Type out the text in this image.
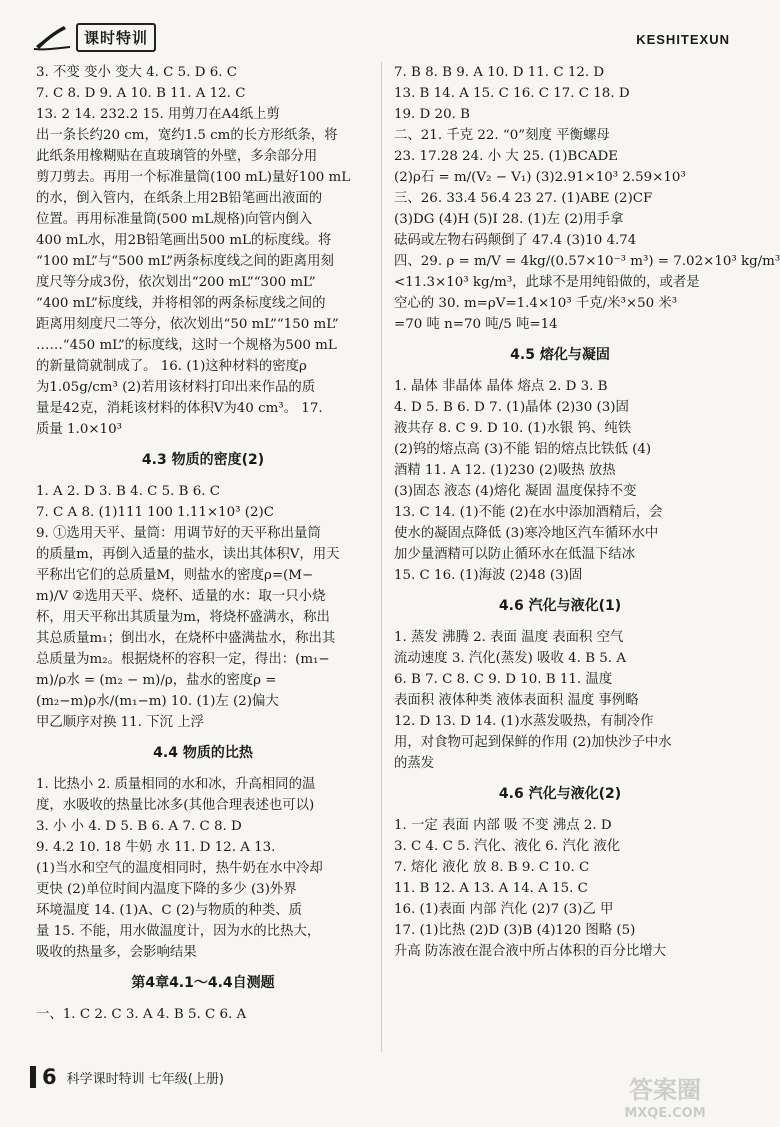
课时特训	KESHITEXUN
3. 不变 变小 变大 4. C 5. D 6. C
7. C 8. D 9. A 10. B 11. A 12. C
13. 2 14. 232.2 15. 用剪刀在A4纸上剪
出一条长约20 cm，宽约1.5 cm的长方形纸条，将
此纸条用橡糊贴在直玻璃管的外壁，多余部分用
剪刀剪去。再用一个标准量筒(100 mL)量好100 mL
的水，倒入管内，在纸条上用2B铅笔画出液面的
位置。再用标准量筒(500 mL规格)向管内倒入
400 mL水，用2B铅笔画出500 mL的标度线。将
“100 mL”与“500 mL”两条标度线之间的距离用刻
度尺等分成3份，依次划出“200 mL”“300 mL”
“400 mL”标度线，并将相邻的两条标度线之间的
距离用刻度尺二等分，依次划出“50 mL”“150 mL”
……“450 mL”的标度线，这时一个规格为500 mL
的新量筒就制成了。 16. (1)这种材料的密度ρ
为1.05g/cm³ (2)若用该材料打印出来作品的质
量是42克，消耗该材料的体积V为40 cm³。 17.
质量 1.0×10³
4.3 物质的密度(2)
1. A 2. D 3. B 4. C 5. B 6. C
7. C A 8. (1)111 100 1.11×10³ (2)C
9. ①选用天平、量筒：用调节好的天平称出量筒
的质量m，再倒入适量的盐水，读出其体积V，用天
平称出它们的总质量M，则盐水的密度ρ=(M−
m)/V ②选用天平、烧杯、适量的水：取一只小烧
杯，用天平称出其质量为m，将烧杯盛满水，称出
其总质量m₁；倒出水，在烧杯中盛满盐水，称出其
总质量为m₂。根据烧杯的容积一定，得出：(m₁−
m)/ρ水 = (m₂ − m)/ρ，盐水的密度ρ =
(m₂−m)ρ水/(m₁−m) 10. (1)左 (2)偏大
甲乙顺序对换 11. 下沉 上浮
4.4 物质的比热
1. 比热小 2. 质量相同的水和冰，升高相同的温
度，水吸收的热量比冰多(其他合理表述也可以)
3. 小 小 4. D 5. B 6. A 7. C 8. D
9. 4.2 10. 18 牛奶 水 11. D 12. A 13.
(1)当水和空气的温度相同时，热牛奶在水中冷却
更快 (2)单位时间内温度下降的多少 (3)外界
环境温度 14. (1)A、C (2)与物质的种类、质
量 15. 不能，用水做温度计，因为水的比热大，
吸收的热量多，会影响结果
第4章4.1～4.4自测题
一、1. C 2. C 3. A 4. B 5. C 6. A
7. B 8. B 9. A 10. D 11. C 12. D
13. B 14. A 15. C 16. C 17. C 18. D
19. D 20. B
二、21. 千克 22. “0”刻度 平衡螺母
23. 17.28 24. 小 大 25. (1)BCADE
(2)ρ石 = m/(V₂ − V₁) (3)2.91×10³ 2.59×10³
三、26. 33.4 56.4 23 27. (1)ABE (2)CF
(3)DG (4)H (5)I 28. (1)左 (2)用手拿
砝码或左物右码颠倒了 47.4 (3)10 4.74
四、29. ρ = m/V = 4kg/(0.57×10⁻³ m³) = 7.02×10³ kg/m³
<11.3×10³ kg/m³，此球不是用纯铅做的，或者是
空心的 30. m=ρV=1.4×10³ 千克/米³×50 米³
=70 吨 n=70 吨/5 吨=14
4.5 熔化与凝固
1. 晶体 非晶体 晶体 熔点 2. D 3. B
4. D 5. B 6. D 7. (1)晶体 (2)30 (3)固
液共存 8. C 9. D 10. (1)水银 钨、纯铁
(2)钨的熔点高 (3)不能 铝的熔点比铁低 (4)
酒精 11. A 12. (1)230 (2)吸热 放热
(3)固态 液态 (4)熔化 凝固 温度保持不变
13. C 14. (1)不能 (2)在水中添加酒精后，会
使水的凝固点降低 (3)寒冷地区汽车循环水中
加少量酒精可以防止循环水在低温下结冰
15. C 16. (1)海波 (2)48 (3)固
4.6 汽化与液化(1)
1. 蒸发 沸腾 2. 表面 温度 表面积 空气
流动速度 3. 汽化(蒸发) 吸收 4. B 5. A
6. B 7. C 8. C 9. D 10. B 11. 温度
表面积 液体种类 液体表面积 温度 事例略
12. D 13. D 14. (1)水蒸发吸热，有制冷作
用，对食物可起到保鲜的作用 (2)加快沙子中水
的蒸发
4.6 汽化与液化(2)
1. 一定 表面 内部 吸 不变 沸点 2. D
3. C 4. C 5. 汽化、液化 6. 汽化 液化
7. 熔化 液化 放 8. B 9. C 10. C
11. B 12. A 13. A 14. A 15. C
16. (1)表面 内部 汽化 (2)7 (3)乙 甲
17. (1)比热 (2)D (3)B (4)120 图略 (5)
升高 防冻液在混合液中所占体积的百分比增大
6 科学课时特训 七年级(上册)	答案圈
MXQE.COM
